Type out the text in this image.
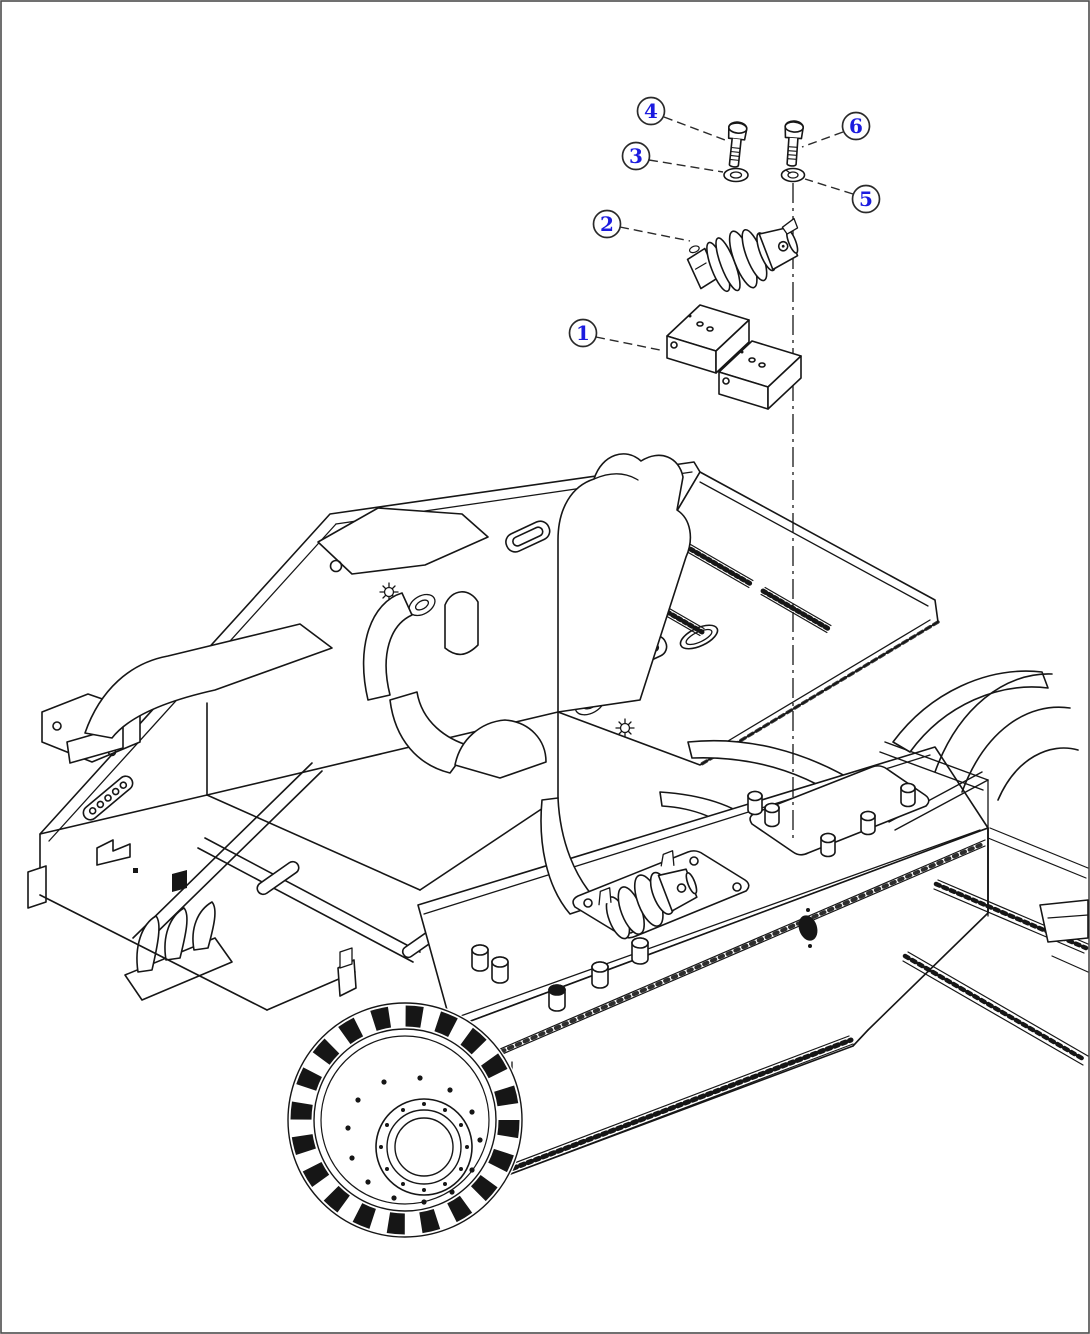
4
6
3
5
2
1
